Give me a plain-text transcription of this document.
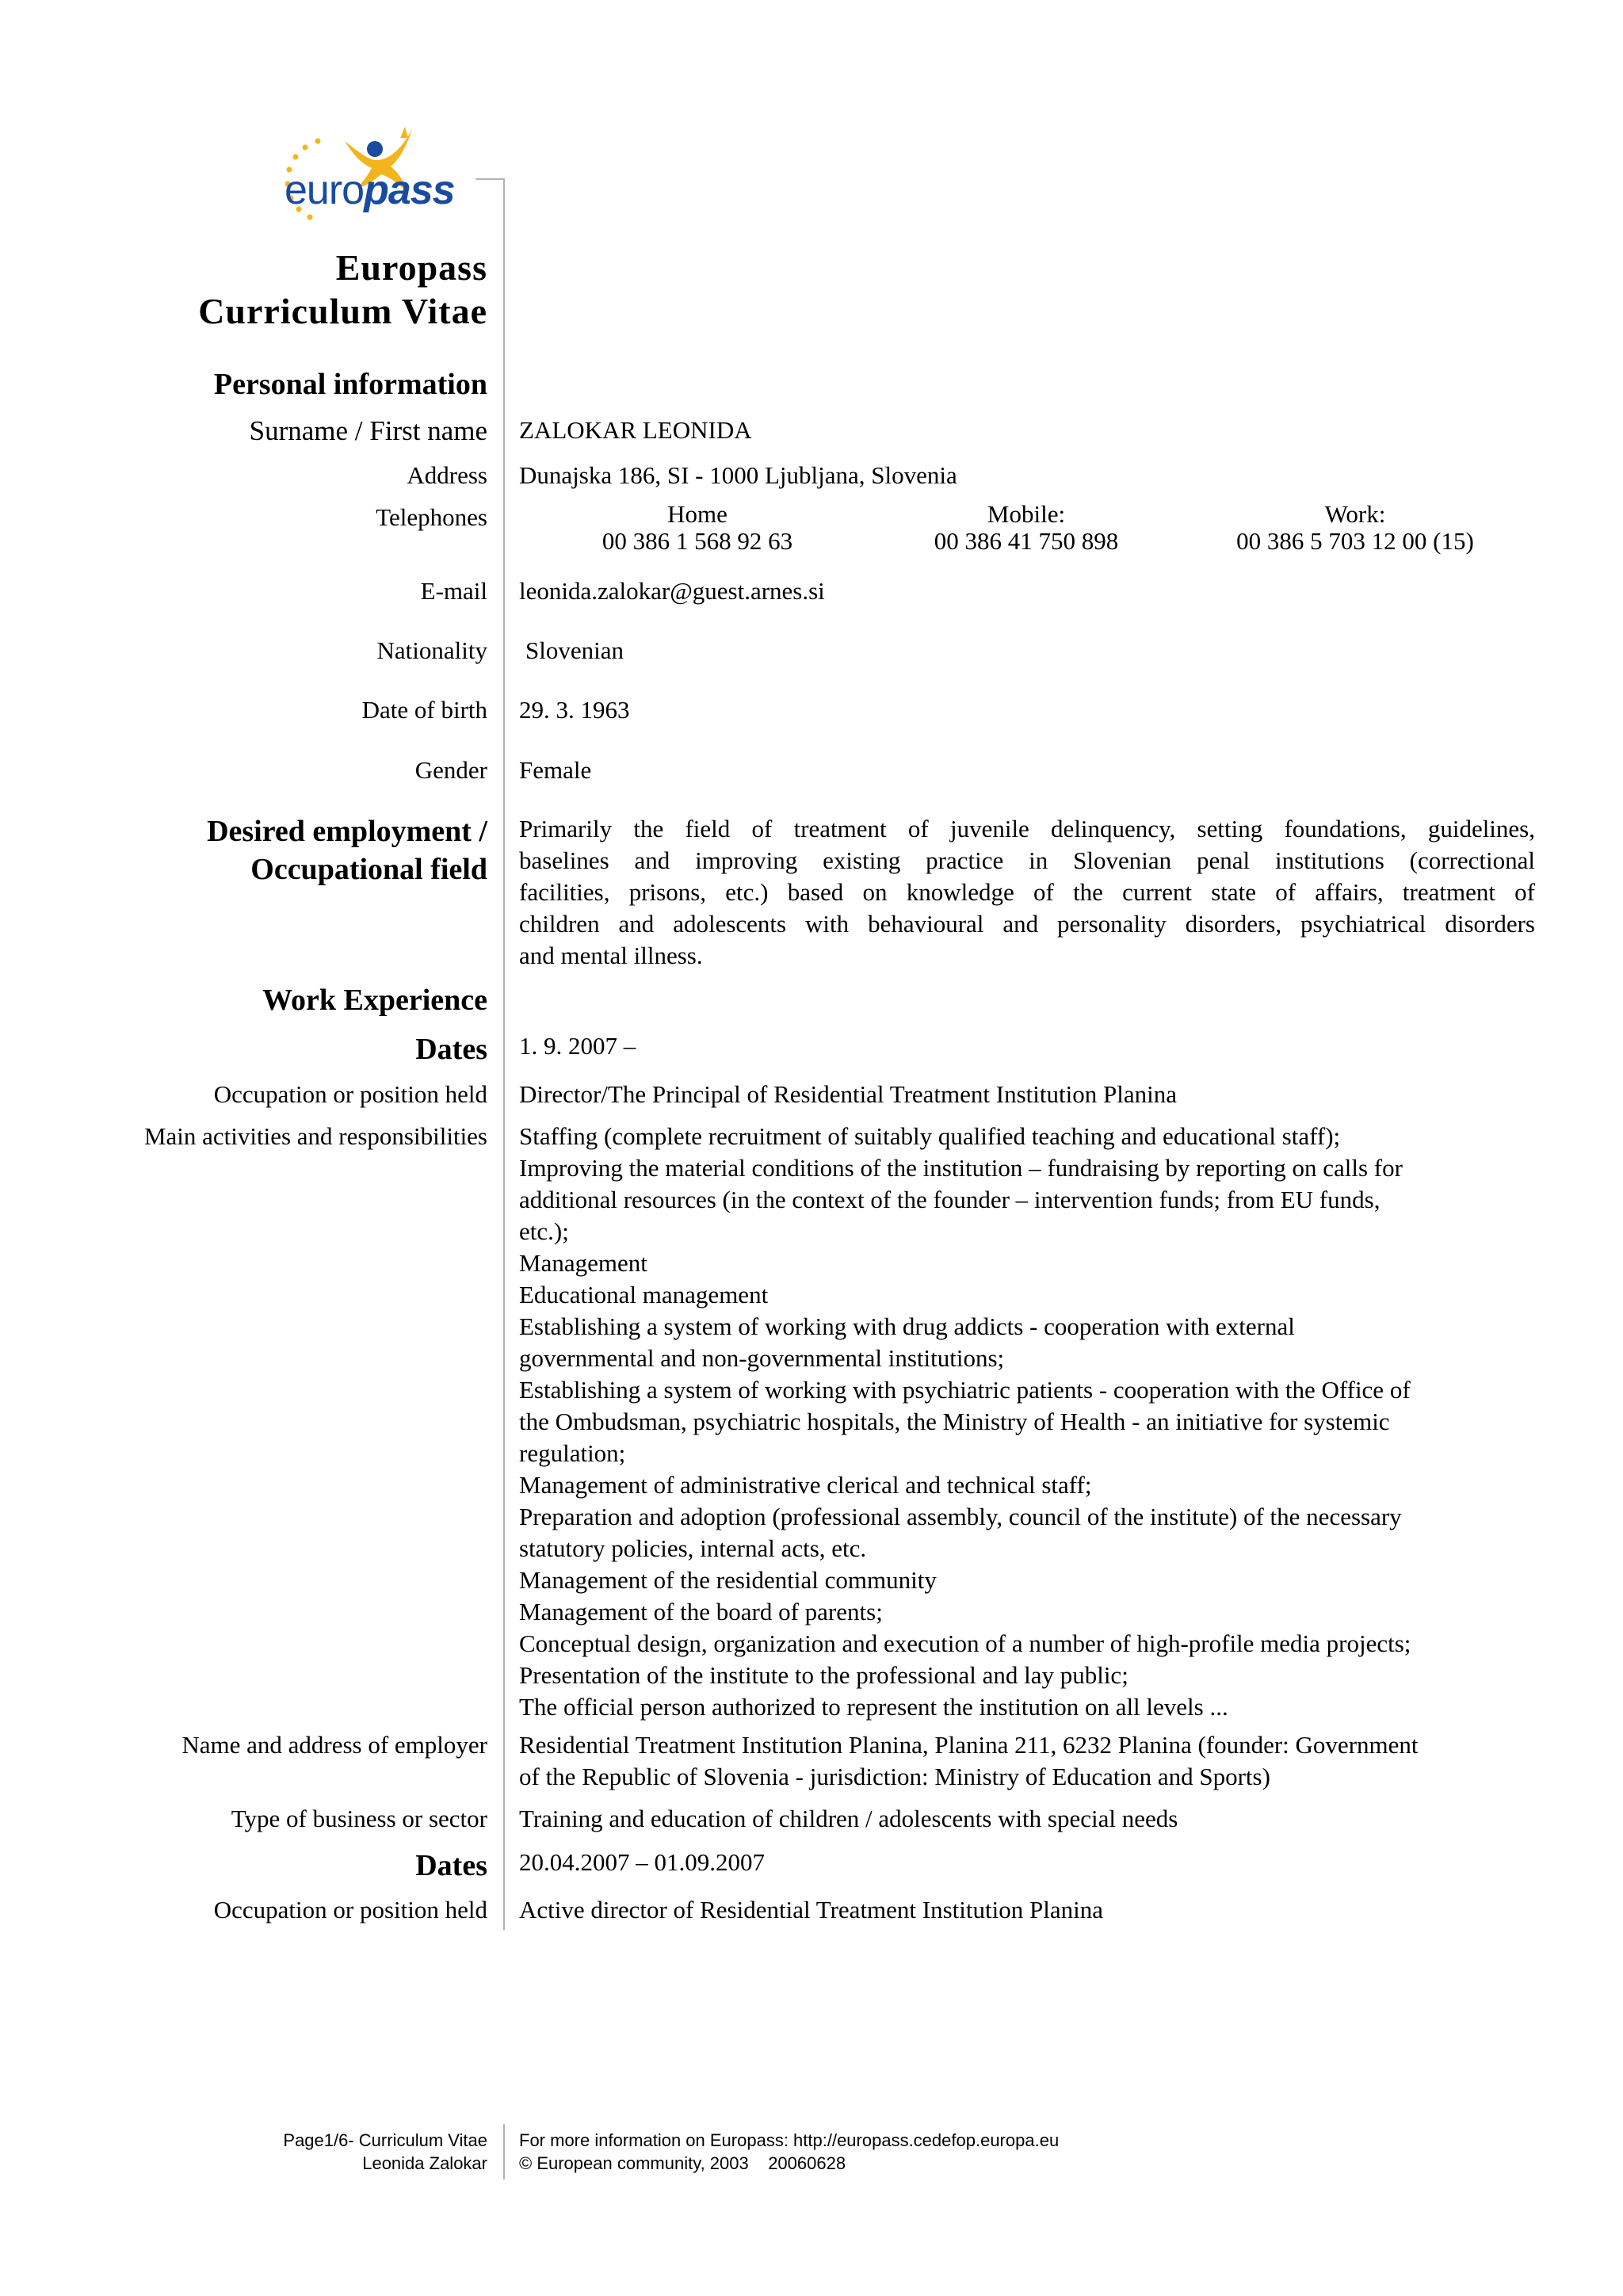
europass
Europass
Curriculum Vitae
Personal information
Surname / First name ZALOKAR LEONIDA
Address Dunajska 186, SI - 1000 Ljubljana, Slovenia
Telephones	Home
00 386 1 568 92 63
Mobile:
00 386 41 750 898
Work:
00 386 5 703 12 00 (15)
E-mail leonida.zalokar@guest.arnes.si
Nationality Slovenian
Date of birth 29. 3. 1963
Gender Female
Desired employment /
Occupational field
Primarily the field of treatment of juvenile delinquency, setting foundations, guidelines,
baselines and improving existing practice in Slovenian penal institutions (correctional
facilities, prisons, etc.) based on knowledge of the current state of affairs, treatment of
children and adolescents with behavioural and personality disorders, psychiatrical disorders
and mental illness.
Work Experience
Dates 1. 9. 2007 –
Occupation or position held Director/The Principal of Residential Treatment Institution Planina
Main activities and responsibilities Staffing (complete recruitment of suitably qualified teaching and educational staff);
Improving the material conditions of the institution – fundraising by reporting on calls for
additional resources (in the context of the founder – intervention funds; from EU funds,
etc.);
Management
Educational management
Establishing a system of working with drug addicts - cooperation with external
governmental and non-governmental institutions;
Establishing a system of working with psychiatric patients - cooperation with the Office of
the Ombudsman, psychiatric hospitals, the Ministry of Health - an initiative for systemic
regulation;
Management of administrative clerical and technical staff;
Preparation and adoption (professional assembly, council of the institute) of the necessary
statutory policies, internal acts, etc.
Management of the residential community
Management of the board of parents;
Conceptual design, organization and execution of a number of high-profile media projects;
Presentation of the institute to the professional and lay public;
The official person authorized to represent the institution on all levels ...
Name and address of employer Residential Treatment Institution Planina, Planina 211, 6232 Planina (founder: Government
of the Republic of Slovenia - jurisdiction: Ministry of Education and Sports)
Type of business or sector Training and education of children / adolescents with special needs
Dates 20.04.2007 – 01.09.2007
Occupation or position held Active director of Residential Treatment Institution Planina
Page1/6- Curriculum Vitae
Leonida Zalokar
For more information on Europass: http://europass.cedefop.europa.eu
© European community, 2003    20060628
